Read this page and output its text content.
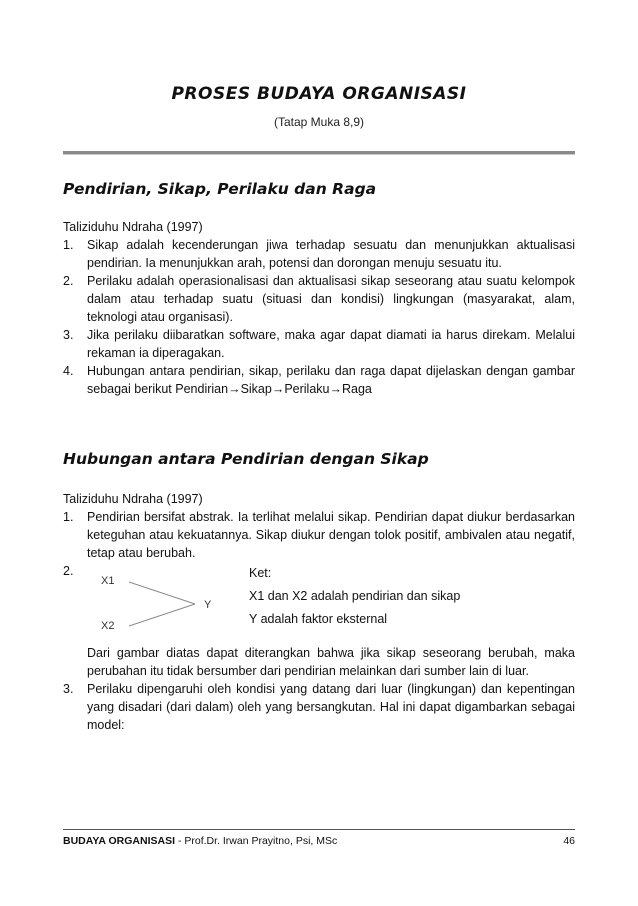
PROSES BUDAYA ORGANISASI
(Tatap Muka 8,9)
Pendirian, Sikap, Perilaku dan Raga
Taliziduhu Ndraha (1997)
1. Sikap adalah kecenderungan jiwa terhadap sesuatu dan menunjukkan aktualisasi pendirian. Ia menunjukkan arah, potensi dan dorongan menuju sesuatu itu.
2. Perilaku adalah operasionalisasi dan aktualisasi sikap seseorang atau suatu kelompok dalam atau terhadap suatu (situasi dan kondisi) lingkungan (masyarakat, alam, teknologi atau organisasi).
3. Jika perilaku diibaratkan software, maka agar dapat diamati ia harus direkam. Melalui rekaman ia diperagakan.
4. Hubungan antara pendirian, sikap, perilaku dan raga dapat dijelaskan dengan gambar sebagai berikut Pendirian→Sikap→Perilaku→Raga
Hubungan antara Pendirian dengan Sikap
Taliziduhu Ndraha (1997)
1. Pendirian bersifat abstrak. Ia terlihat melalui sikap. Pendirian dapat diukur berdasarkan keteguhan atau kekuatannya. Sikap diukur dengan tolok positif, ambivalen atau negatif, tetap atau berubah.
2.
X1
X2
Y
Ket:
X1 dan X2 adalah pendirian dan sikap
Y adalah faktor eksternal
Dari gambar diatas dapat diterangkan bahwa jika sikap seseorang berubah, maka perubahan itu tidak bersumber dari pendirian melainkan dari sumber lain di luar.
3. Perilaku dipengaruhi oleh kondisi yang datang dari luar (lingkungan) dan kepentingan yang disadari (dari dalam) oleh yang bersangkutan. Hal ini dapat digambarkan sebagai model:
BUDAYA ORGANISASI - Prof.Dr. Irwan Prayitno, Psi, MSc	46
